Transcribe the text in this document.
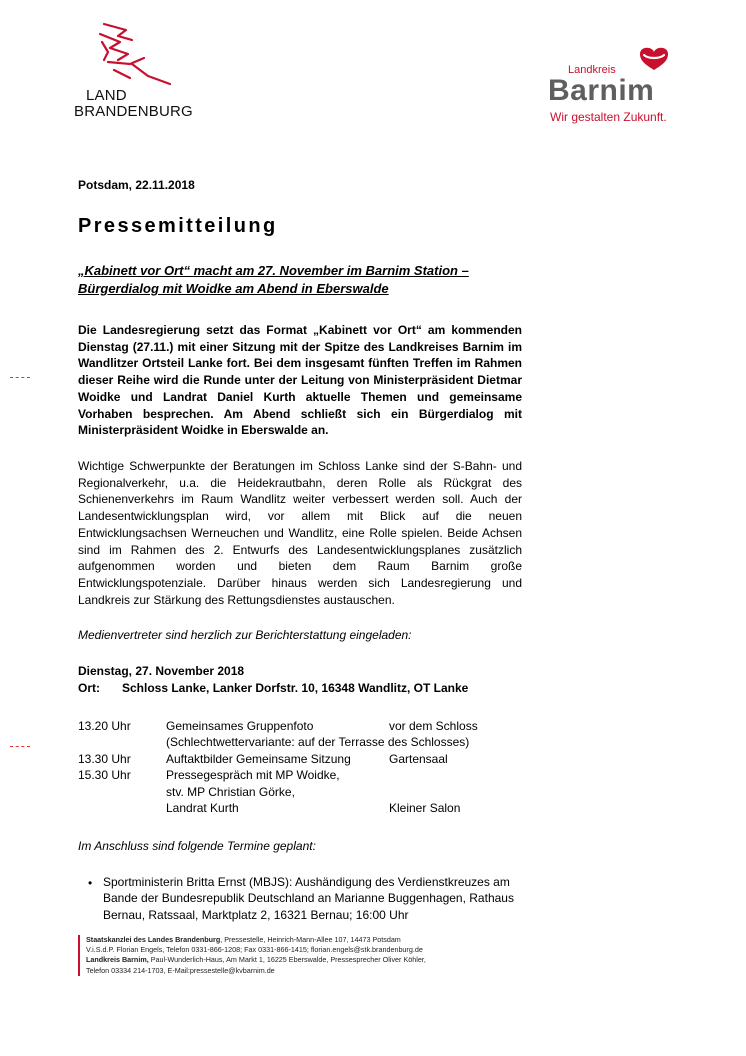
LAND
BRANDENBURG
Landkreis
Barnim
Wir gestalten Zukunft.
Potsdam, 22.11.2018
Pressemitteilung
„Kabinett vor Ort“ macht am 27. November im Barnim Station –
Bürgerdialog mit Woidke am Abend in Eberswalde
Die Landesregierung setzt das Format „Kabinett vor Ort“ am kommenden Dienstag (27.11.) mit einer Sitzung mit der Spitze des Landkreises Barnim im Wandlitzer Ortsteil Lanke fort. Bei dem insgesamt fünften Treffen im Rahmen dieser Reihe wird die Runde unter der Leitung von Ministerpräsident Dietmar Woidke und Landrat Daniel Kurth aktuelle Themen und gemeinsame Vorhaben besprechen. Am Abend schließt sich ein Bürgerdialog mit Ministerpräsident Woidke in Eberswalde an.
Wichtige Schwerpunkte der Beratungen im Schloss Lanke sind der S-Bahn- und Regionalverkehr, u.a. die Heidekrautbahn, deren Rolle als Rückgrat des Schienenverkehrs im Raum Wandlitz weiter verbessert werden soll. Auch der Landesentwicklungsplan wird, vor allem mit Blick auf die neuen Entwicklungsachsen Werneuchen und Wandlitz, eine Rolle spielen. Beide Achsen sind im Rahmen des 2. Entwurfs des Landesentwicklungsplanes zusätzlich aufgenommen worden und bieten dem Raum Barnim große Entwicklungspotenziale. Darüber hinaus werden sich Landesregierung und Landkreis zur Stärkung des Rettungsdienstes austauschen.
Medienvertreter sind herzlich zur Berichterstattung eingeladen:
Dienstag, 27. November 2018
Ort: Schloss Lanke, Lanker Dorfstr. 10, 16348 Wandlitz, OT Lanke
13.20 Uhr	Gemeinsames Gruppenfoto	vor dem Schloss
(Schlechtwettervariante: auf der Terrasse des Schlosses)
13.30 Uhr	Auftaktbilder Gemeinsame Sitzung	Gartensaal
15.30 Uhr	Pressegespräch mit MP Woidke,
stv. MP Christian Görke,
Landrat Kurth	Kleiner Salon
Im Anschluss sind folgende Termine geplant:
• Sportministerin Britta Ernst (MBJS): Aushändigung des Verdienstkreuzes am Bande der Bundesrepublik Deutschland an Marianne Buggenhagen, Rathaus Bernau, Ratssaal, Marktplatz 2, 16321 Bernau; 16:00 Uhr
Staatskanzlei des Landes Brandenburg, Pressestelle, Heinrich-Mann-Allee 107, 14473 Potsdam
V.i.S.d.P. Florian Engels, Telefon 0331-866-1208; Fax 0331-866-1415; florian.engels@stk.brandenburg.de
Landkreis Barnim, Paul-Wunderlich-Haus, Am Markt 1, 16225 Eberswalde, Pressesprecher Oliver Köhler,
Telefon 03334 214-1703, E-Mail:pressestelle@kvbarnim.de
